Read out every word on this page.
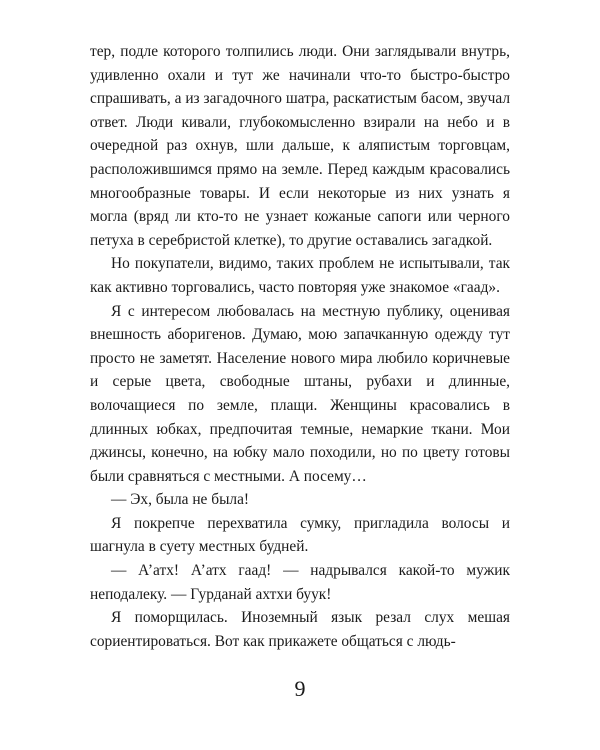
тер, подле которого толпились люди. Они заглядывали внутрь, удивленно охали и тут же начинали что-то быстро-быстро спрашивать, а из загадочного шатра, раскатистым басом, звучал ответ. Люди кивали, глубокомысленно взирали на небо и в очередной раз охнув, шли дальше, к аляпистым торговцам, расположившимся прямо на земле. Перед каждым красовались многообразные товары. И если некоторые из них узнать я могла (вряд ли кто-то не узнает кожаные сапоги или черного петуха в серебристой клетке), то другие оставались загадкой.

Но покупатели, видимо, таких проблем не испытывали, так как активно торговались, часто повторяя уже знакомое «гаад».

Я с интересом любовалась на местную публику, оценивая внешность аборигенов. Думаю, мою запачканную одежду тут просто не заметят. Население нового мира любило коричневые и серые цвета, свободные штаны, рубахи и длинные, волочащиеся по земле, плащи. Женщины красовались в длинных юбках, предпочитая темные, немаркие ткани. Мои джинсы, конечно, на юбку мало походили, но по цвету готовы были сравняться с местными. А посему…

— Эх, была не была!

Я покрепче перехватила сумку, пригладила волосы и шагнула в суету местных будней.

— А’атх! А’атх гаад! — надрывался какой-то мужик неподалеку. — Гурданай ахтхи буук!

Я поморщилась. Иноземный язык резал слух мешая сориентироваться. Вот как прикажете общаться с людь-

9
